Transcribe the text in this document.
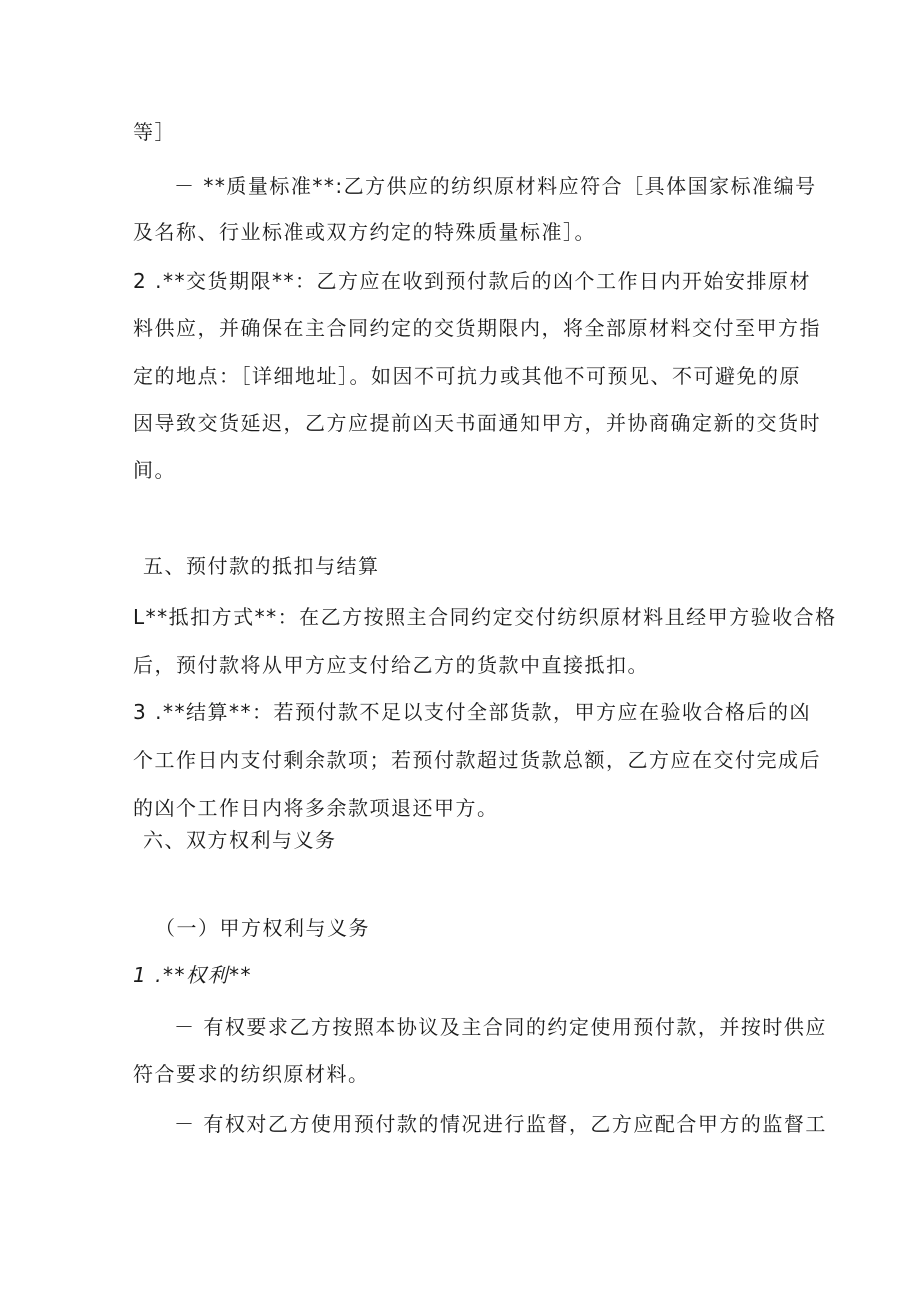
等］
－ **质量标准**:乙方供应的纺织原材料应符合［具体国家标准编号
及名称、行业标准或双方约定的特殊质量标准］。
2 .**交货期限**：乙方应在收到预付款后的凶个工作日内开始安排原材
料供应，并确保在主合同约定的交货期限内，将全部原材料交付至甲方指
定的地点：［详细地址］。如因不可抗力或其他不可预见、不可避免的原
因导致交货延迟，乙方应提前凶天书面通知甲方，并协商确定新的交货时
间。
五、预付款的抵扣与结算
L**抵扣方式**：在乙方按照主合同约定交付纺织原材料且经甲方验收合格
后，预付款将从甲方应支付给乙方的货款中直接抵扣。
3 .**结算**：若预付款不足以支付全部货款，甲方应在验收合格后的凶
个工作日内支付剩余款项；若预付款超过货款总额，乙方应在交付完成后
的凶个工作日内将多余款项退还甲方。
六、双方权利与义务
（一）甲方权利与义务
1 .**权利**
－ 有权要求乙方按照本协议及主合同的约定使用预付款，并按时供应
符合要求的纺织原材料。
－ 有权对乙方使用预付款的情况进行监督，乙方应配合甲方的监督工
